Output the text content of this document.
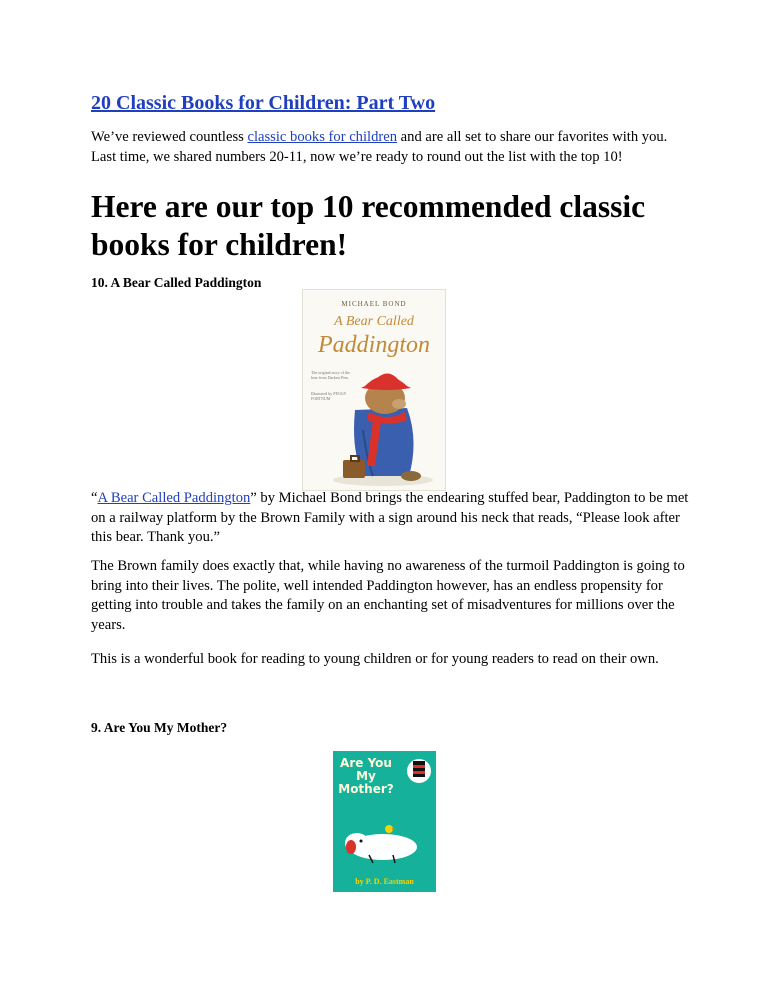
20 Classic Books for Children: Part Two

We’ve reviewed countless classic books for children and are all set to share our favorites with you. Last time, we shared numbers 20-11, now we’re ready to round out the list with the top 10!

Here are our top 10 recommended classic books for children!

10. A Bear Called Paddington

MICHAEL BOND
A Bear Called
Paddington
The original story of the bear from Darkest Peru
Illustrated by PEGGY FORTNUM

“A Bear Called Paddington” by Michael Bond brings the endearing stuffed bear, Paddington to be met on a railway platform by the Brown Family with a sign around his neck that reads, “Please look after this bear. Thank you.”

The Brown family does exactly that, while having no awareness of the turmoil Paddington is going to bring into their lives. The polite, well intended Paddington however, has an endless propensity for getting into trouble and takes the family on an enchanting set of misadventures for millions over the years.

This is a wonderful book for reading to young children or for young readers to read on their own.

9. Are You My Mother?

Are You
My
Mother?
by P. D. Eastman
